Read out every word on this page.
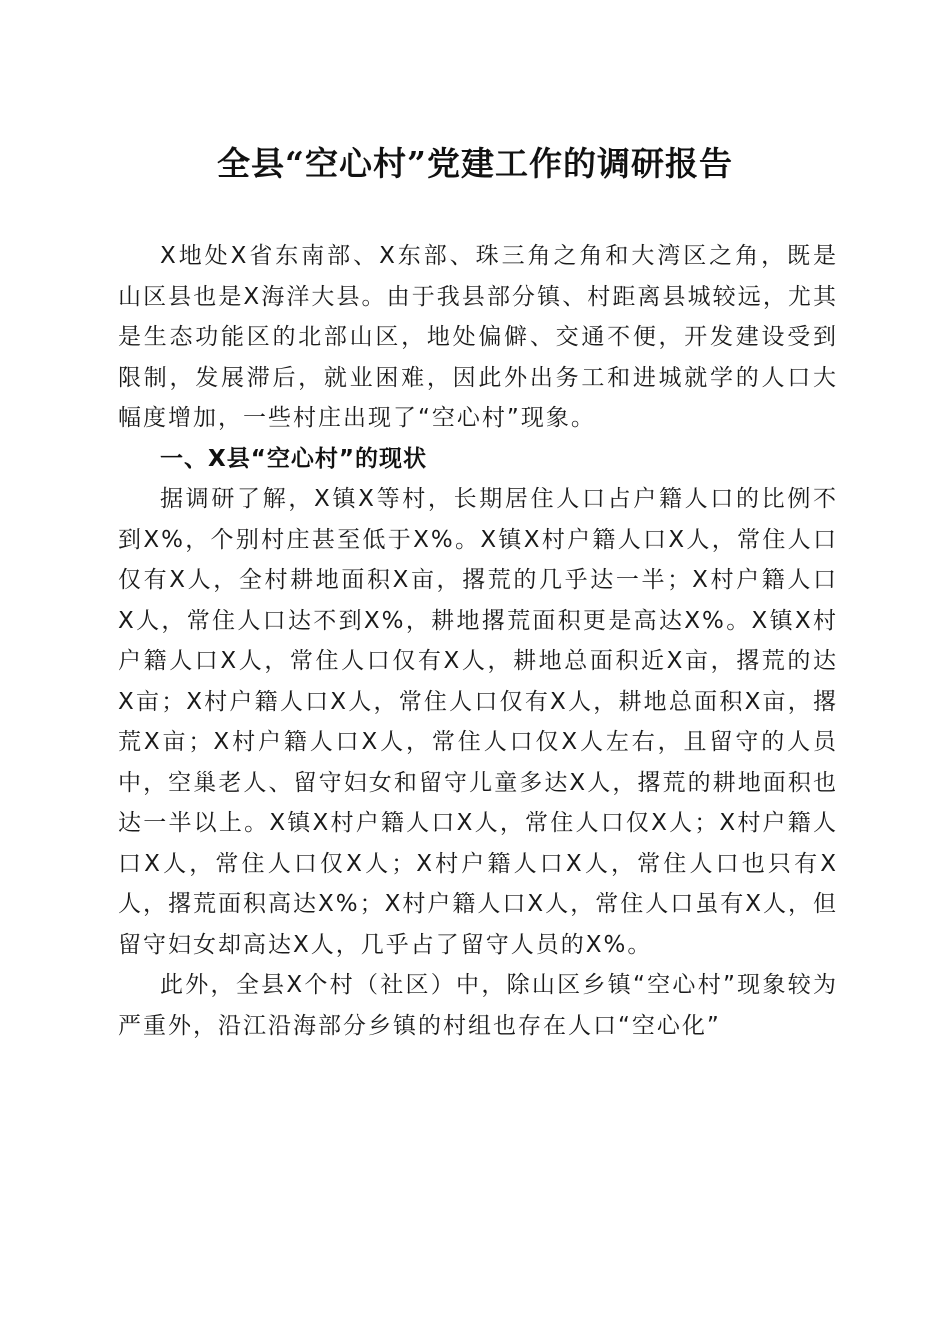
全县“空心村”党建工作的调研报告

X地处X省东南部、X东部、珠三角之角和大湾区之角，既是山区县也是X海洋大县。由于我县部分镇、村距离县城较远，尤其是生态功能区的北部山区，地处偏僻、交通不便，开发建设受到限制，发展滞后，就业困难，因此外出务工和进城就学的人口大幅度增加，一些村庄出现了“空心村”现象。

一、X县“空心村”的现状

据调研了解，X镇X等村，长期居住人口占户籍人口的比例不到X%，个别村庄甚至低于X%。X镇X村户籍人口X人，常住人口仅有X人，全村耕地面积X亩，撂荒的几乎达一半；X村户籍人口X人，常住人口达不到X%，耕地撂荒面积更是高达X%。X镇X村户籍人口X人，常住人口仅有X人，耕地总面积近X亩，撂荒的达X亩；X村户籍人口X人，常住人口仅有X人，耕地总面积X亩，撂荒X亩；X村户籍人口X人，常住人口仅X人左右，且留守的人员中，空巢老人、留守妇女和留守儿童多达X人，撂荒的耕地面积也达一半以上。X镇X村户籍人口X人，常住人口仅X人；X村户籍人口X人，常住人口仅X人；X村户籍人口X人，常住人口也只有X人，撂荒面积高达X%；X村户籍人口X人，常住人口虽有X人，但留守妇女却高达X人，几乎占了留守人员的X%。

此外，全县X个村（社区）中，除山区乡镇“空心村”现象较为严重外，沿江沿海部分乡镇的村组也存在人口“空心化”
